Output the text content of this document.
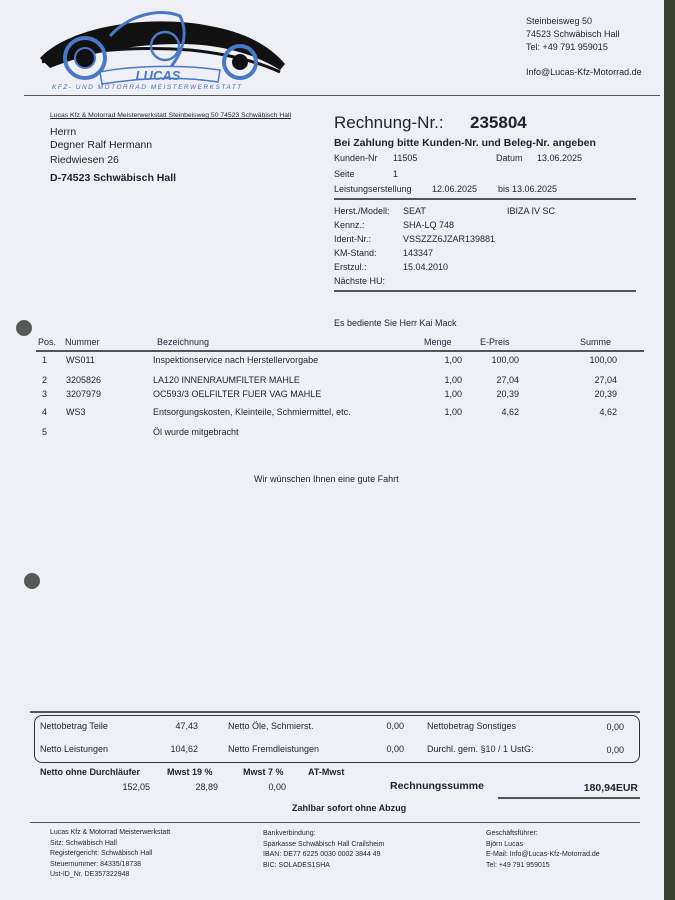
LUCAS
KFZ- UND MOTORRAD MEISTERWERKSTATT
Steinbeisweg 50
74523 Schwäbisch Hall
Tel: +49 791 959015
Info@Lucas-Kfz-Motorrad.de
Lucas Kfz & Motorrad Meisterwerkstatt Steinbeisweg 50 74523 Schwäbisch Hall
Herrn
Degner Ralf Hermann
Riedwiesen 26
D-74523 Schwäbisch Hall
Rechnung-Nr.: 235804
Bei Zahlung bitte Kunden-Nr. und Beleg-Nr. angeben
Kunden-Nr 11505	Datum 13.06.2025
Seite	1
Leistungserstellung 12.06.2025 bis 13.06.2025
Herst./Modell: SEAT	IBIZA IV SC
Kennz.:	SHA-LQ 748
Ident-Nr.:	VSSZZZ6JZAR139881
KM-Stand:	143347
Erstzul.:	15.04.2010
Nächste HU:
Es bediente Sie Herr Kai Mack
Pos. Nummer	Bezeichnung	Menge	E-Preis	Summe
1 WS011	Inspektionservice nach Herstellervorgabe	1,00	100,00	100,00
2 3205826	LA120 INNENRAUMFILTER MAHLE	1,00	27,04	27,04
3 3207979	OC593/3 OELFILTER FUER VAG MAHLE	1,00	20,39	20,39
4 WS3	Entsorgungskosten, Kleinteile, Schmiermittel, etc.	1,00	4,62	4,62
5	Öl wurde mitgebracht
Wir wünschen Ihnen eine gute Fahrt
Nettobetrag Teile	47,43	Netto Öle, Schmierst.	0,00	Nettobetrag Sonstiges	0,00
Netto Leistungen	104,62	Netto Fremdleistungen	0,00	Durchl. gem. §10 / 1 UstG:	0,00
Netto ohne Durchläufer	Mwst 19 %	Mwst 7 %	AT-Mwst
152,05	28,89	0,00	Rechnungssumme	180,94EUR
Zahlbar sofort ohne Abzug
Lucas Kfz & Motorrad Meisterwerkstatt
Sitz: Schwäbisch Hall
Registergericht: Schwäbisch Hall
Steuernummer: 84335/18738
Ust-ID_Nr. DE357322948
Bankverbindung:
Sparkasse Schwäbisch Hall Crailsheim
IBAN: DE77 6225 0030 0002 3844 49
BIC: SOLADES1SHA
Geschäftsführer:
Björn Lucas
E-Mail: Info@Lucas-Kfz-Motorrad.de
Tel: +49 791 959015
